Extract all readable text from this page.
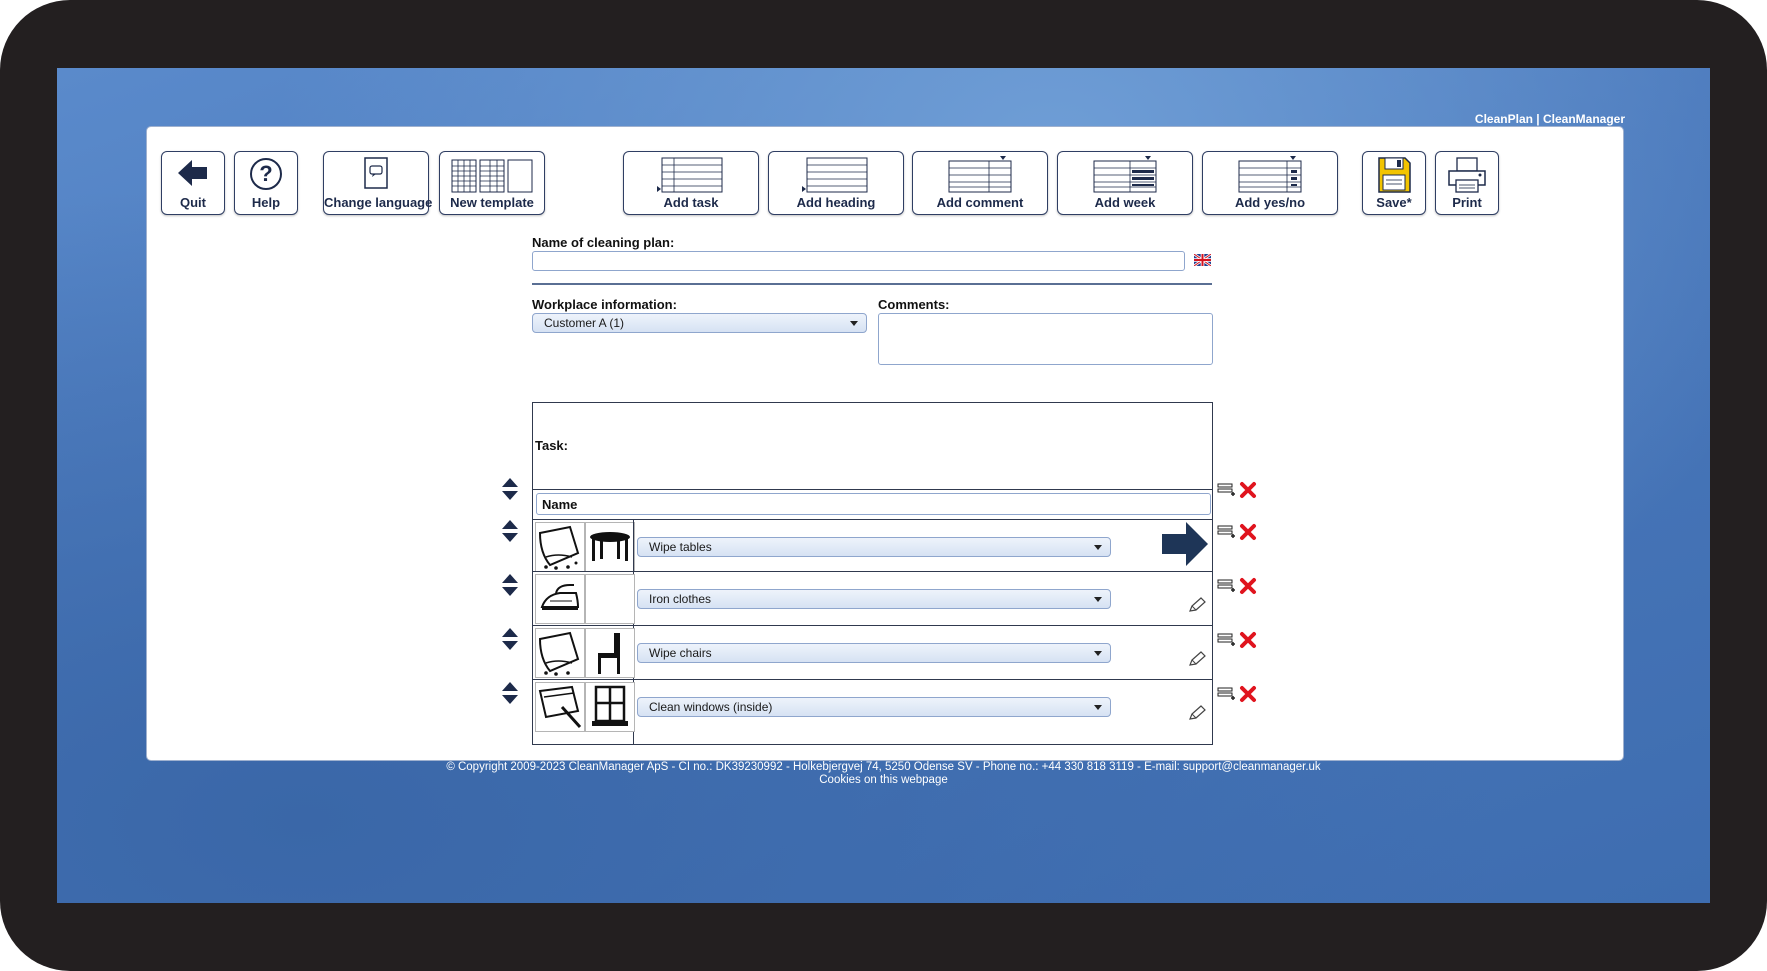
CleanPlan | CleanManager
Quit
?
Help	Change language	New template	Add task	Add heading	Add comment	Add week	Add yes/no	Save*	Print
Name of cleaning plan:
Workplace information:
Customer A (1)
Comments:
Task:
Name
Wipe tables
Iron clothes
Wipe chairs
Clean windows (inside)
© Copyright 2009-2023 CleanManager ApS - CI no.: DK39230992 - Holkebjergvej 74, 5250 Odense SV - Phone no.: +44 330 818 3119 - E-mail: support@cleanmanager.uk
Cookies on this webpage
